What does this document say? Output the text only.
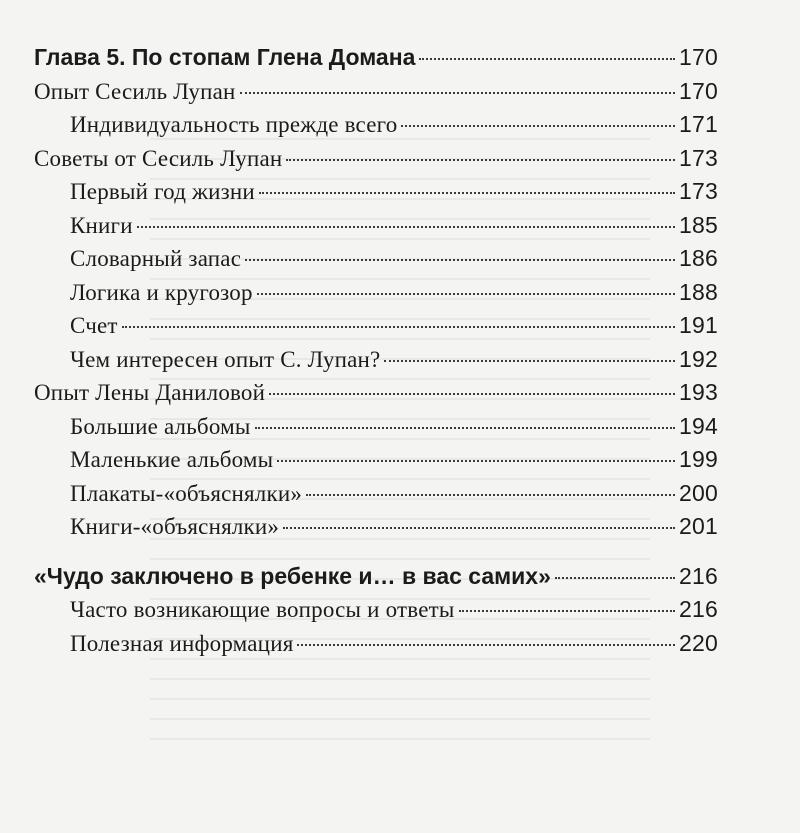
Глава 5. По стопам Глена Домана	170
Опыт Сесиль Лупан	170
Индивидуальность прежде всего	171
Советы от Сесиль Лупан	173
Первый год жизни	173
Книги	185
Словарный запас	186
Логика и кругозор	188
Счет	191
Чем интересен опыт С. Лупан?	192
Опыт Лены Даниловой	193
Большие альбомы	194
Маленькие альбомы	199
Плакаты-«объяснялки»	200
Книги-«объяснялки»	201
«Чудо заключено в ребенке и… в вас самих»	216
Часто возникающие вопросы и ответы	216
Полезная информация	220
